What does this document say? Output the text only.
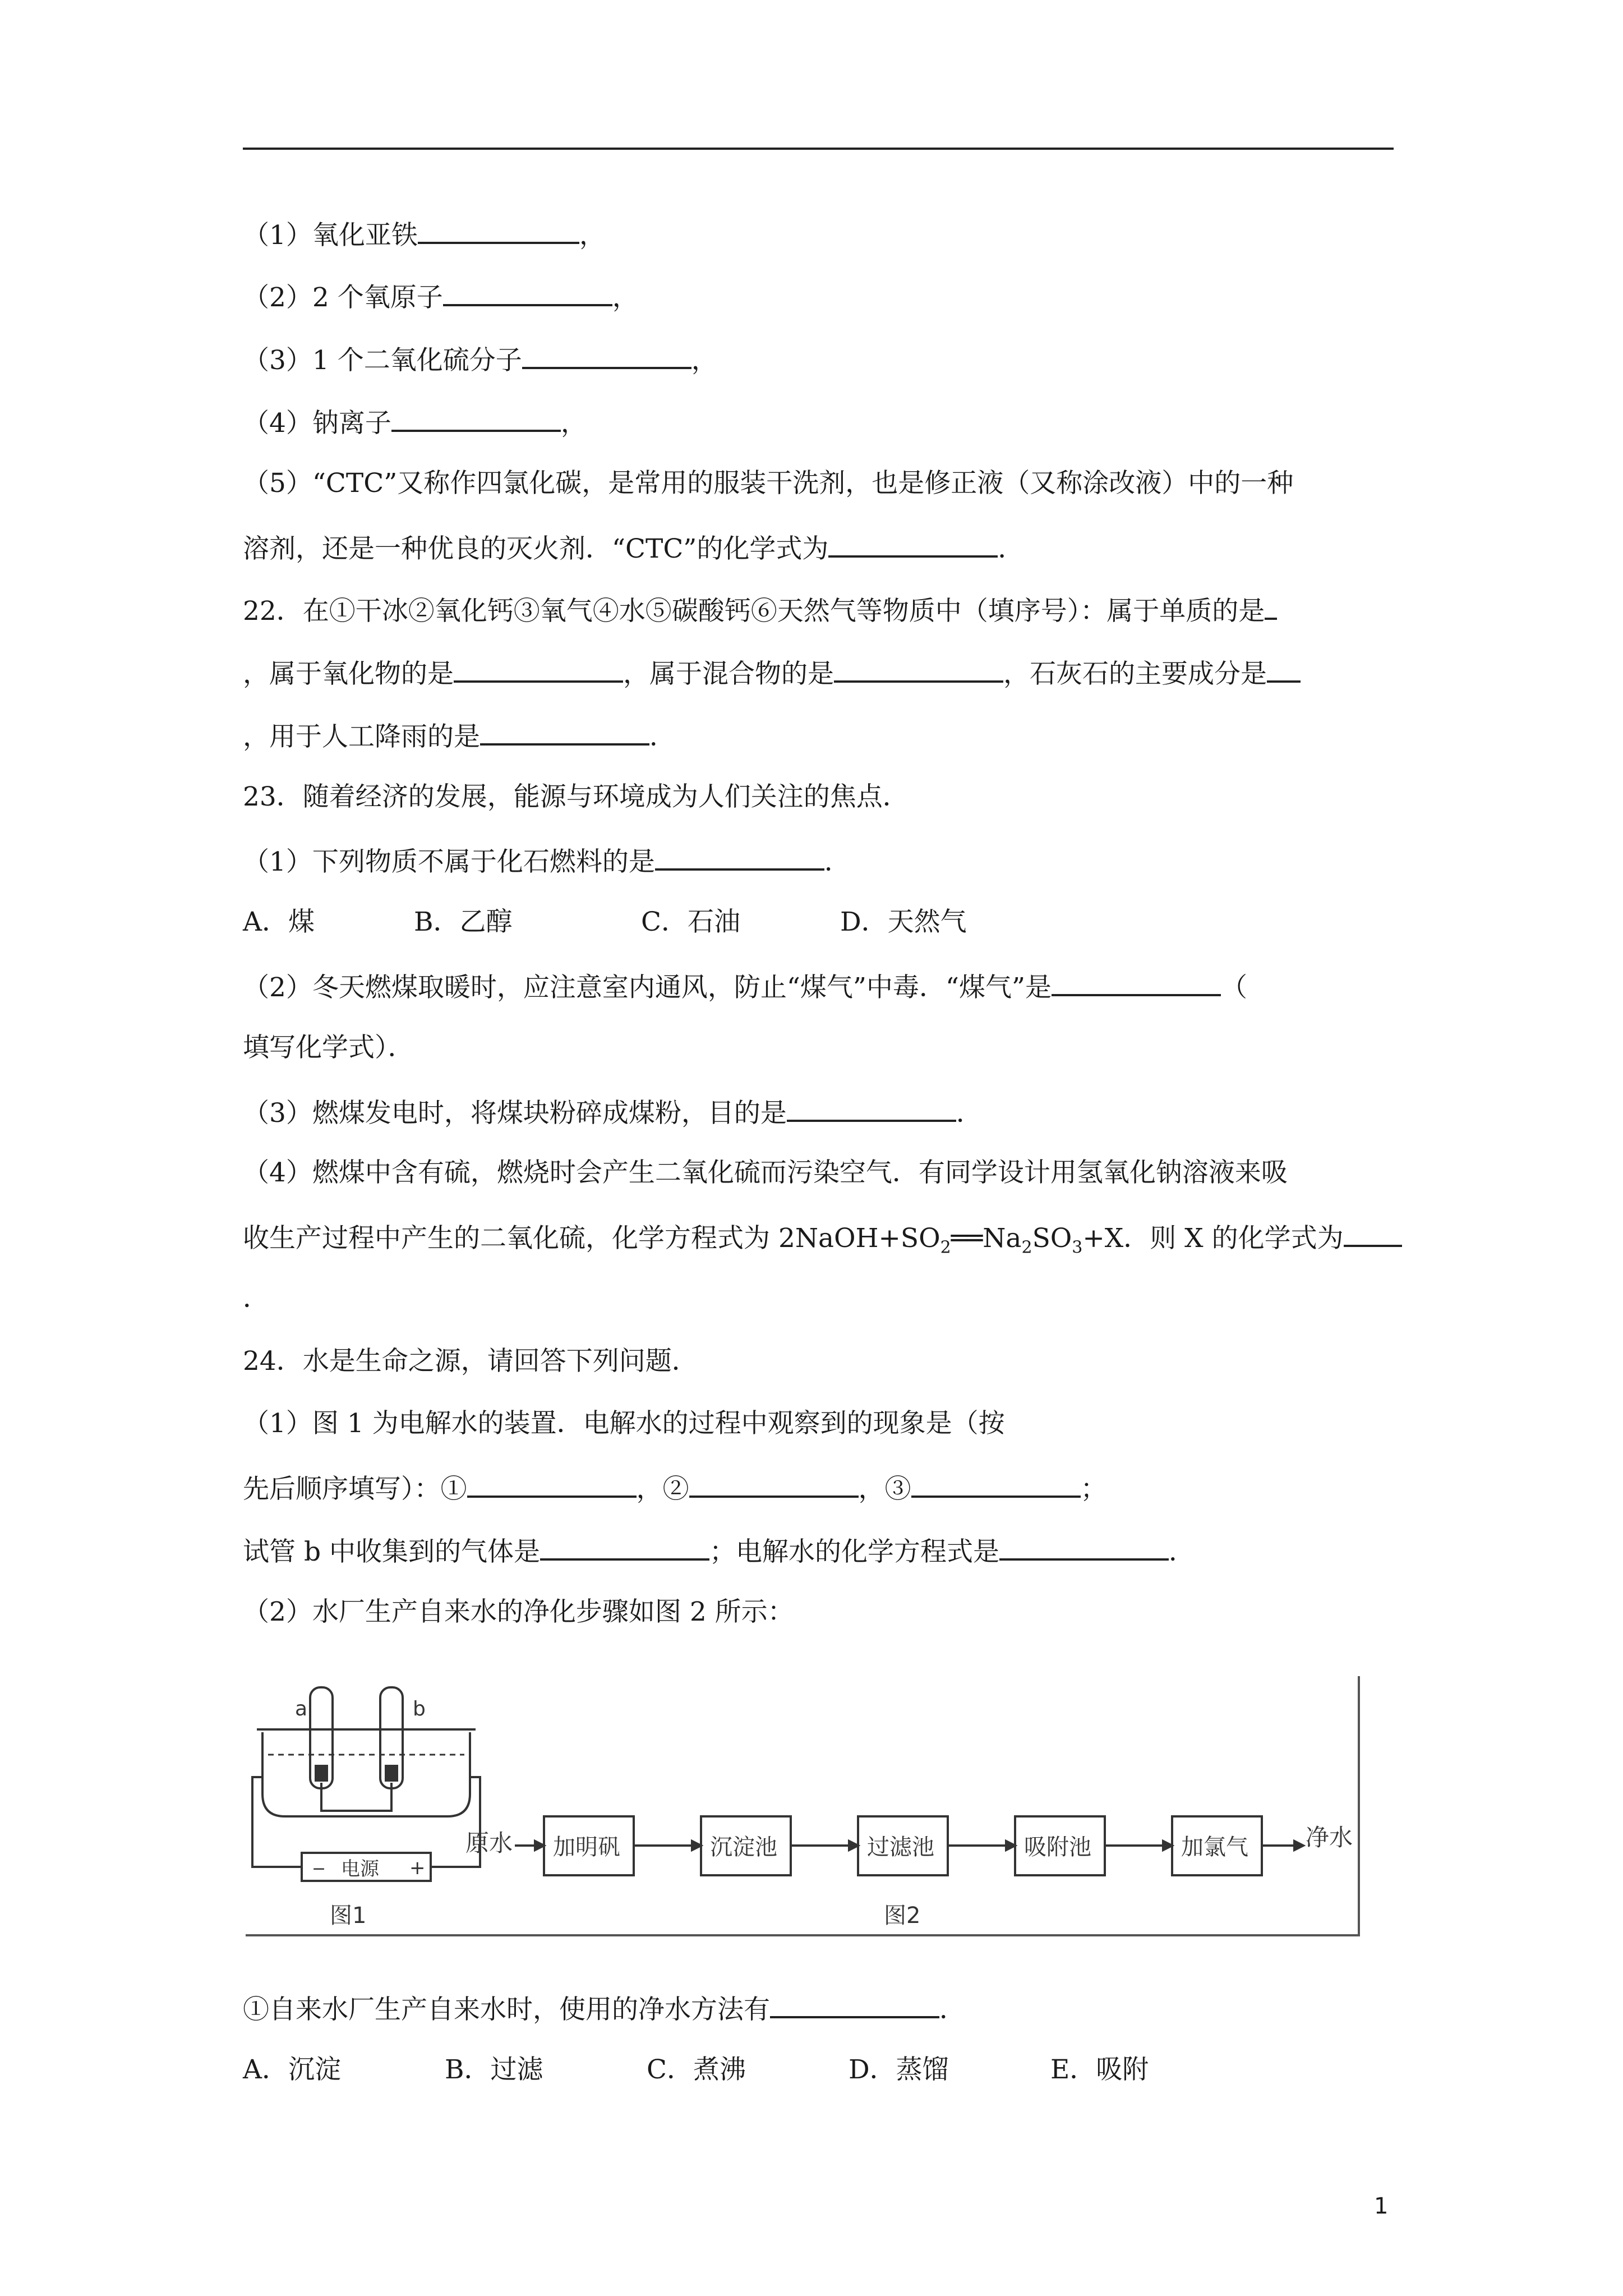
（1）氧化亚铁	，
（2）2 个氧原子	，
（3）1 个二氧化硫分子	，
（4）钠离子	，
（5）“CTC”又称作四氯化碳，是常用的服装干洗剂，也是修正液（又称涂改液）中的一种
溶剂，还是一种优良的灭火剂．“CTC”的化学式为	．
22．在①干冰②氧化钙③氧气④水⑤碳酸钙⑥天然气等物质中（填序号）：属于单质的是
，属于氧化物的是	，属于混合物的是	，石灰石的主要成分是
，用于人工降雨的是	．
23．随着经济的发展，能源与环境成为人们关注的焦点．
（1）下列物质不属于化石燃料的是	．
A．煤	B．乙醇	C．石油	D．天然气
（2）冬天燃煤取暖时，应注意室内通风，防止“煤气”中毒．“煤气”是	（
填写化学式）．
（3）燃煤发电时，将煤块粉碎成煤粉，目的是	．
（4）燃煤中含有硫，燃烧时会产生二氧化硫而污染空气．有同学设计用氢氧化钠溶液来吸
收生产过程中产生的二氧化硫，化学方程式为 $2NaOH+SO_2══Na_2SO_3+X$．则 X 的化学式为
．
24．水是生命之源，请回答下列问题．
（1）图 1 为电解水的装置．电解水的过程中观察到的现象是（按
先后顺序填写）：①	，②	，③	；
试管 b 中收集到的气体是	；电解水的化学方程式是	．
（2）水厂生产自来水的净化步骤如图 2 所示：
a	b
− 电源 +
图1
原水 加明矾	沉淀池	过滤池	吸附池	加氯气 净水
图2
①自来水厂生产自来水时，使用的净水方法有	．
A．沉淀	B．过滤	C．煮沸	D．蒸馏	E．吸附
1
